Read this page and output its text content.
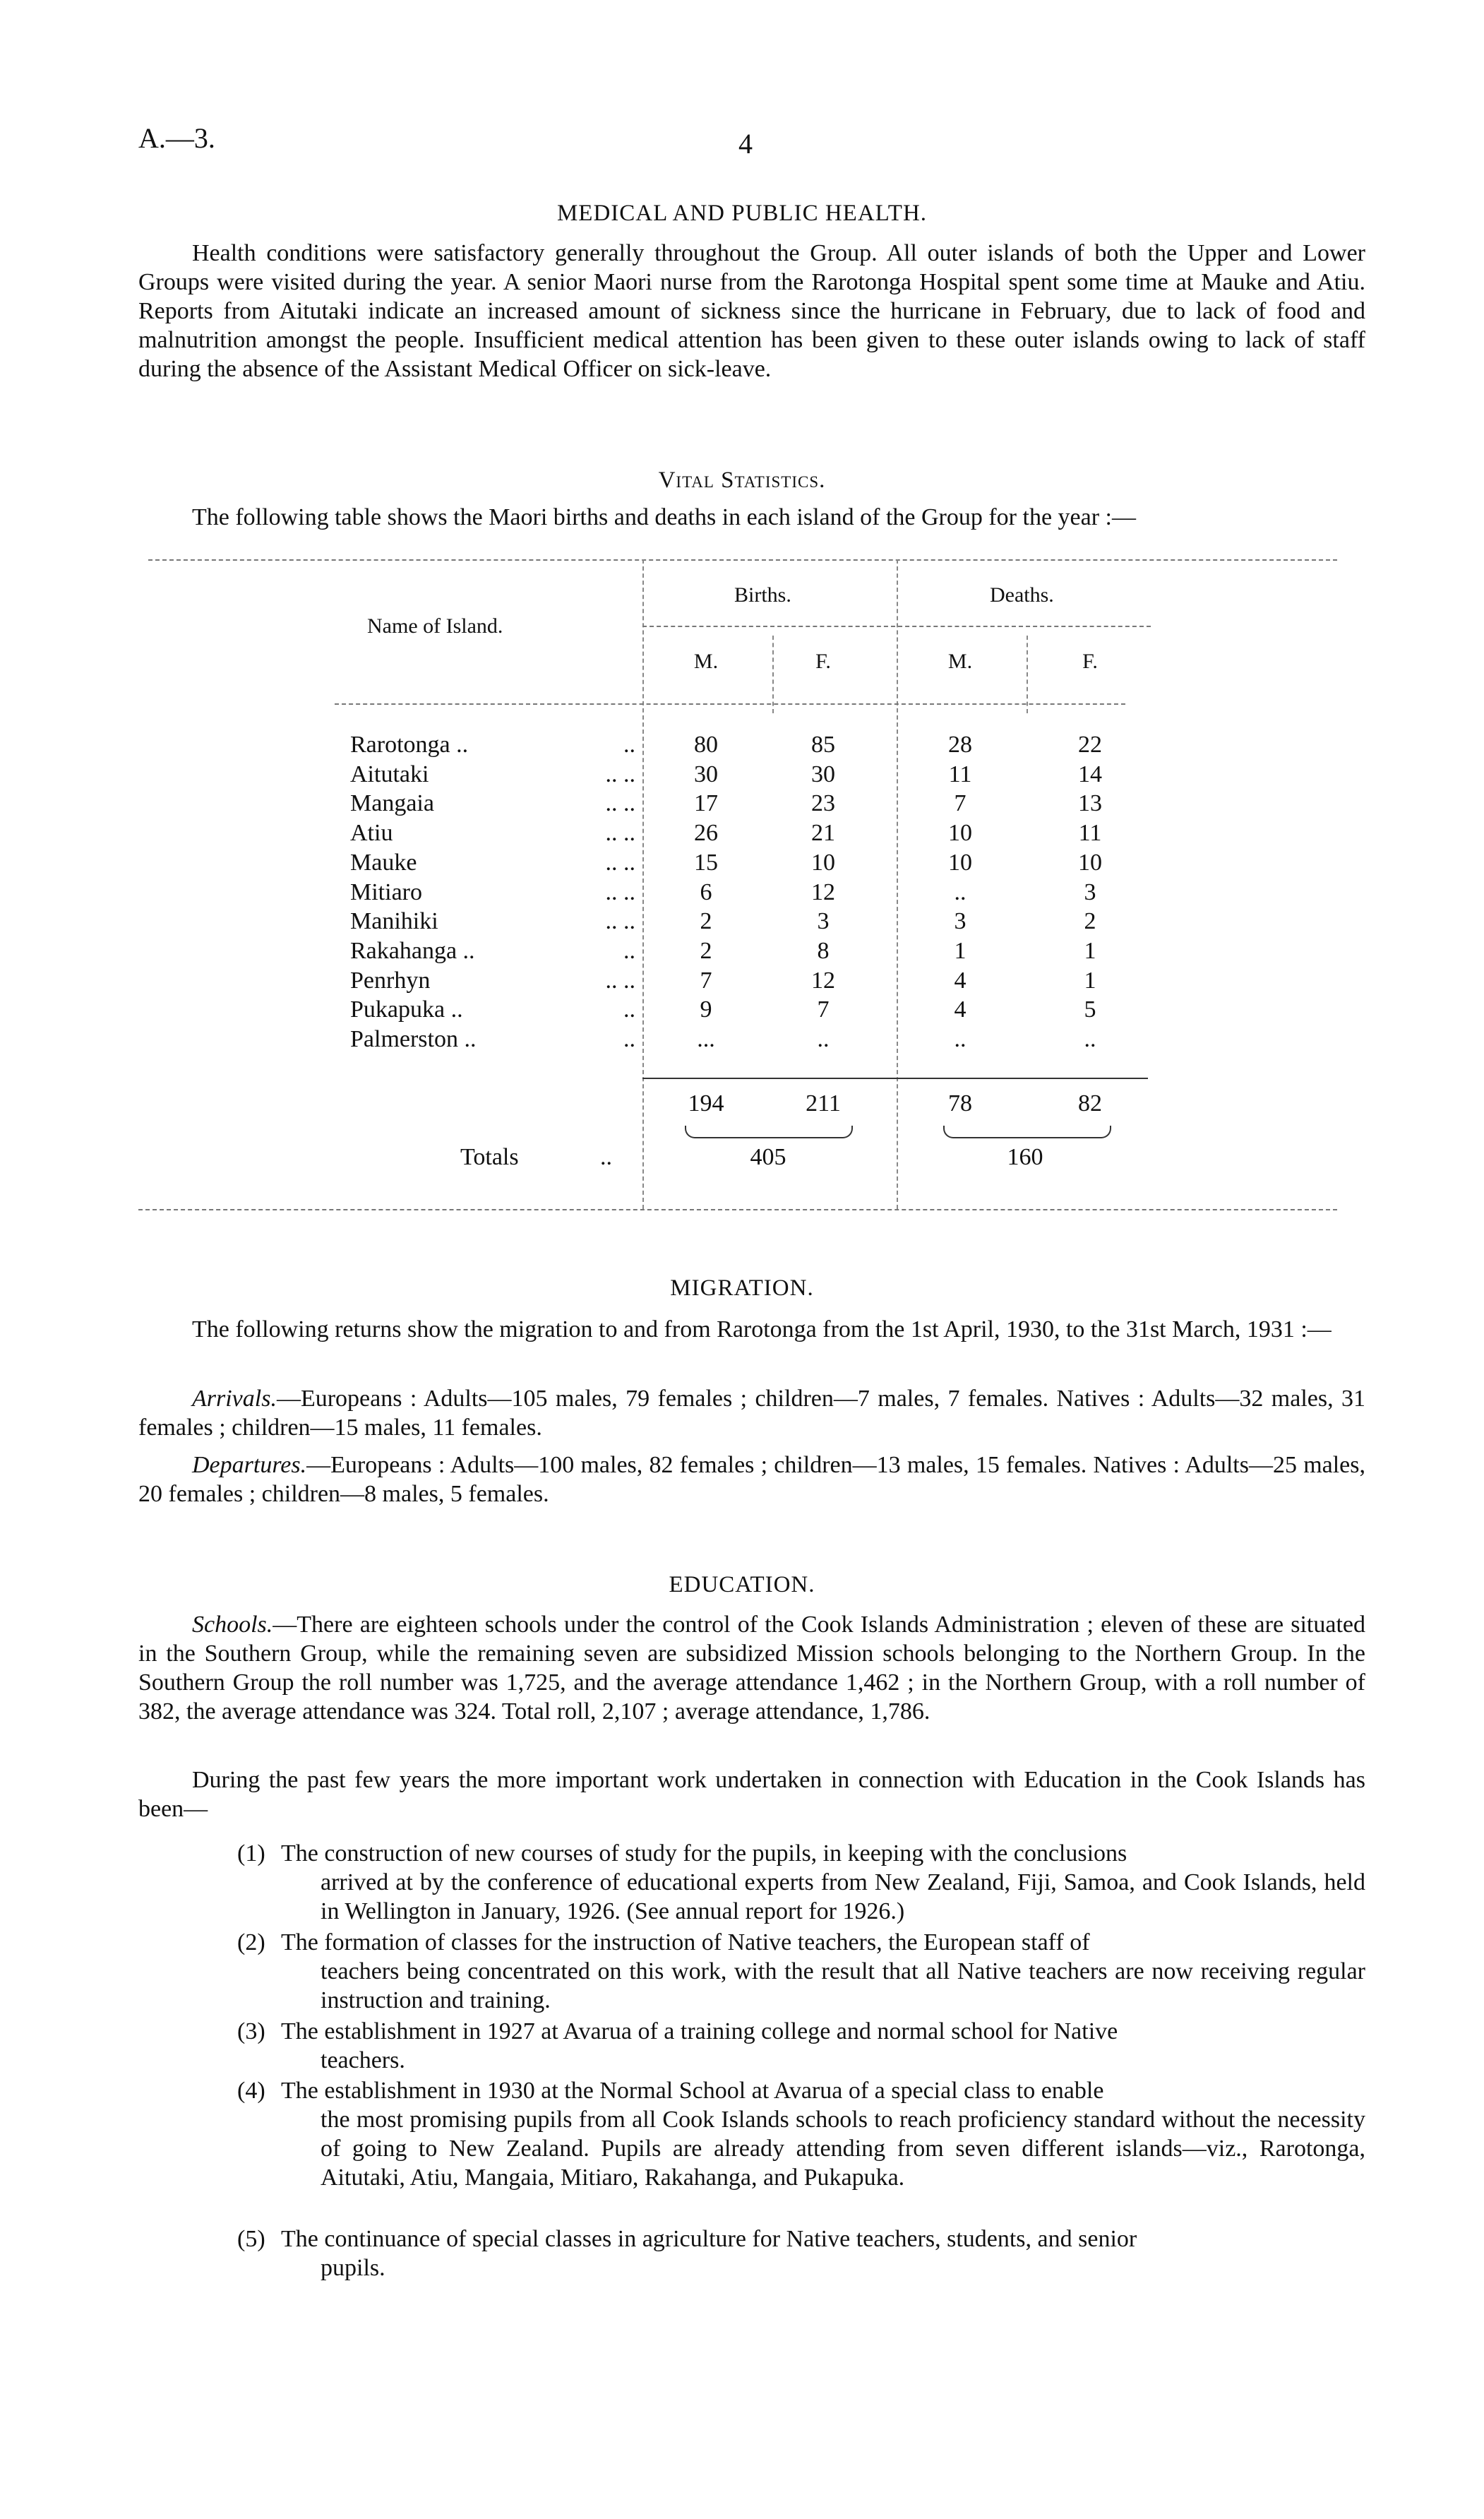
A.—3.	4
MEDICAL AND PUBLIC HEALTH.
Health conditions were satisfactory generally throughout the Group. All outer islands of both the Upper and Lower Groups were visited during the year. A senior Maori nurse from the Rarotonga Hospital spent some time at Mauke and Atiu. Reports from Aitutaki indicate an increased amount of sickness since the hurricane in February, due to lack of food and malnutrition amongst the people. Insufficient medical attention has been given to these outer islands owing to lack of staff during the absence of the Assistant Medical Officer on sick-leave.
Vital Statistics.
The following table shows the Maori births and deaths in each island of the Group for the year :—
Name of Island.
Births.	Deaths.
M.	F.	M.	F.
Rarotonga ..	..	80	85	28	22
Aitutaki	.. ..	30	30	11	14
Mangaia	.. ..	17	23	7	13
Atiu	.. ..	26	21	10	11
Mauke	.. ..	15	10	10	10
Mitiaro	.. ..	6	12	..	3
Manihiki	.. ..	2	3	3	2
Rakahanga ..	..	2	8	1	1
Penrhyn	.. ..	7	12	4	1
Pukapuka ..	..	9	7	4	5
Palmerston ..	..	...	..	..	..
194	211	78	82
Totals	..	405	160
MIGRATION.
The following returns show the migration to and from Rarotonga from the 1st April, 1930, to the 31st March, 1931 :—
Arrivals.—Europeans : Adults—105 males, 79 females ; children—7 males, 7 females. Natives : Adults—32 males, 31 females ; children—15 males, 11 females.
Departures.—Europeans : Adults—100 males, 82 females ; children—13 males, 15 females. Natives : Adults—25 males, 20 females ; children—8 males, 5 females.
EDUCATION.
Schools.—There are eighteen schools under the control of the Cook Islands Administration ; eleven of these are situated in the Southern Group, while the remaining seven are subsidized Mission schools belonging to the Northern Group. In the Southern Group the roll number was 1,725, and the average attendance 1,462 ; in the Northern Group, with a roll number of 382, the average attendance was 324. Total roll, 2,107 ; average attendance, 1,786.
During the past few years the more important work undertaken in connection with Education in the Cook Islands has been—
(1) The construction of new courses of study for the pupils, in keeping with the conclusions
arrived at by the conference of educational experts from New Zealand, Fiji, Samoa, and Cook Islands, held in Wellington in January, 1926. (See annual report for 1926.)
(2) The formation of classes for the instruction of Native teachers, the European staff of
teachers being concentrated on this work, with the result that all Native teachers are now receiving regular instruction and training.
(3) The establishment in 1927 at Avarua of a training college and normal school for Native
teachers.
(4) The establishment in 1930 at the Normal School at Avarua of a special class to enable
the most promising pupils from all Cook Islands schools to reach proficiency standard without the necessity of going to New Zealand. Pupils are already attending from seven different islands—viz., Rarotonga, Aitutaki, Atiu, Mangaia, Mitiaro, Rakahanga, and Pukapuka.
(5) The continuance of special classes in agriculture for Native teachers, students, and senior
pupils.
